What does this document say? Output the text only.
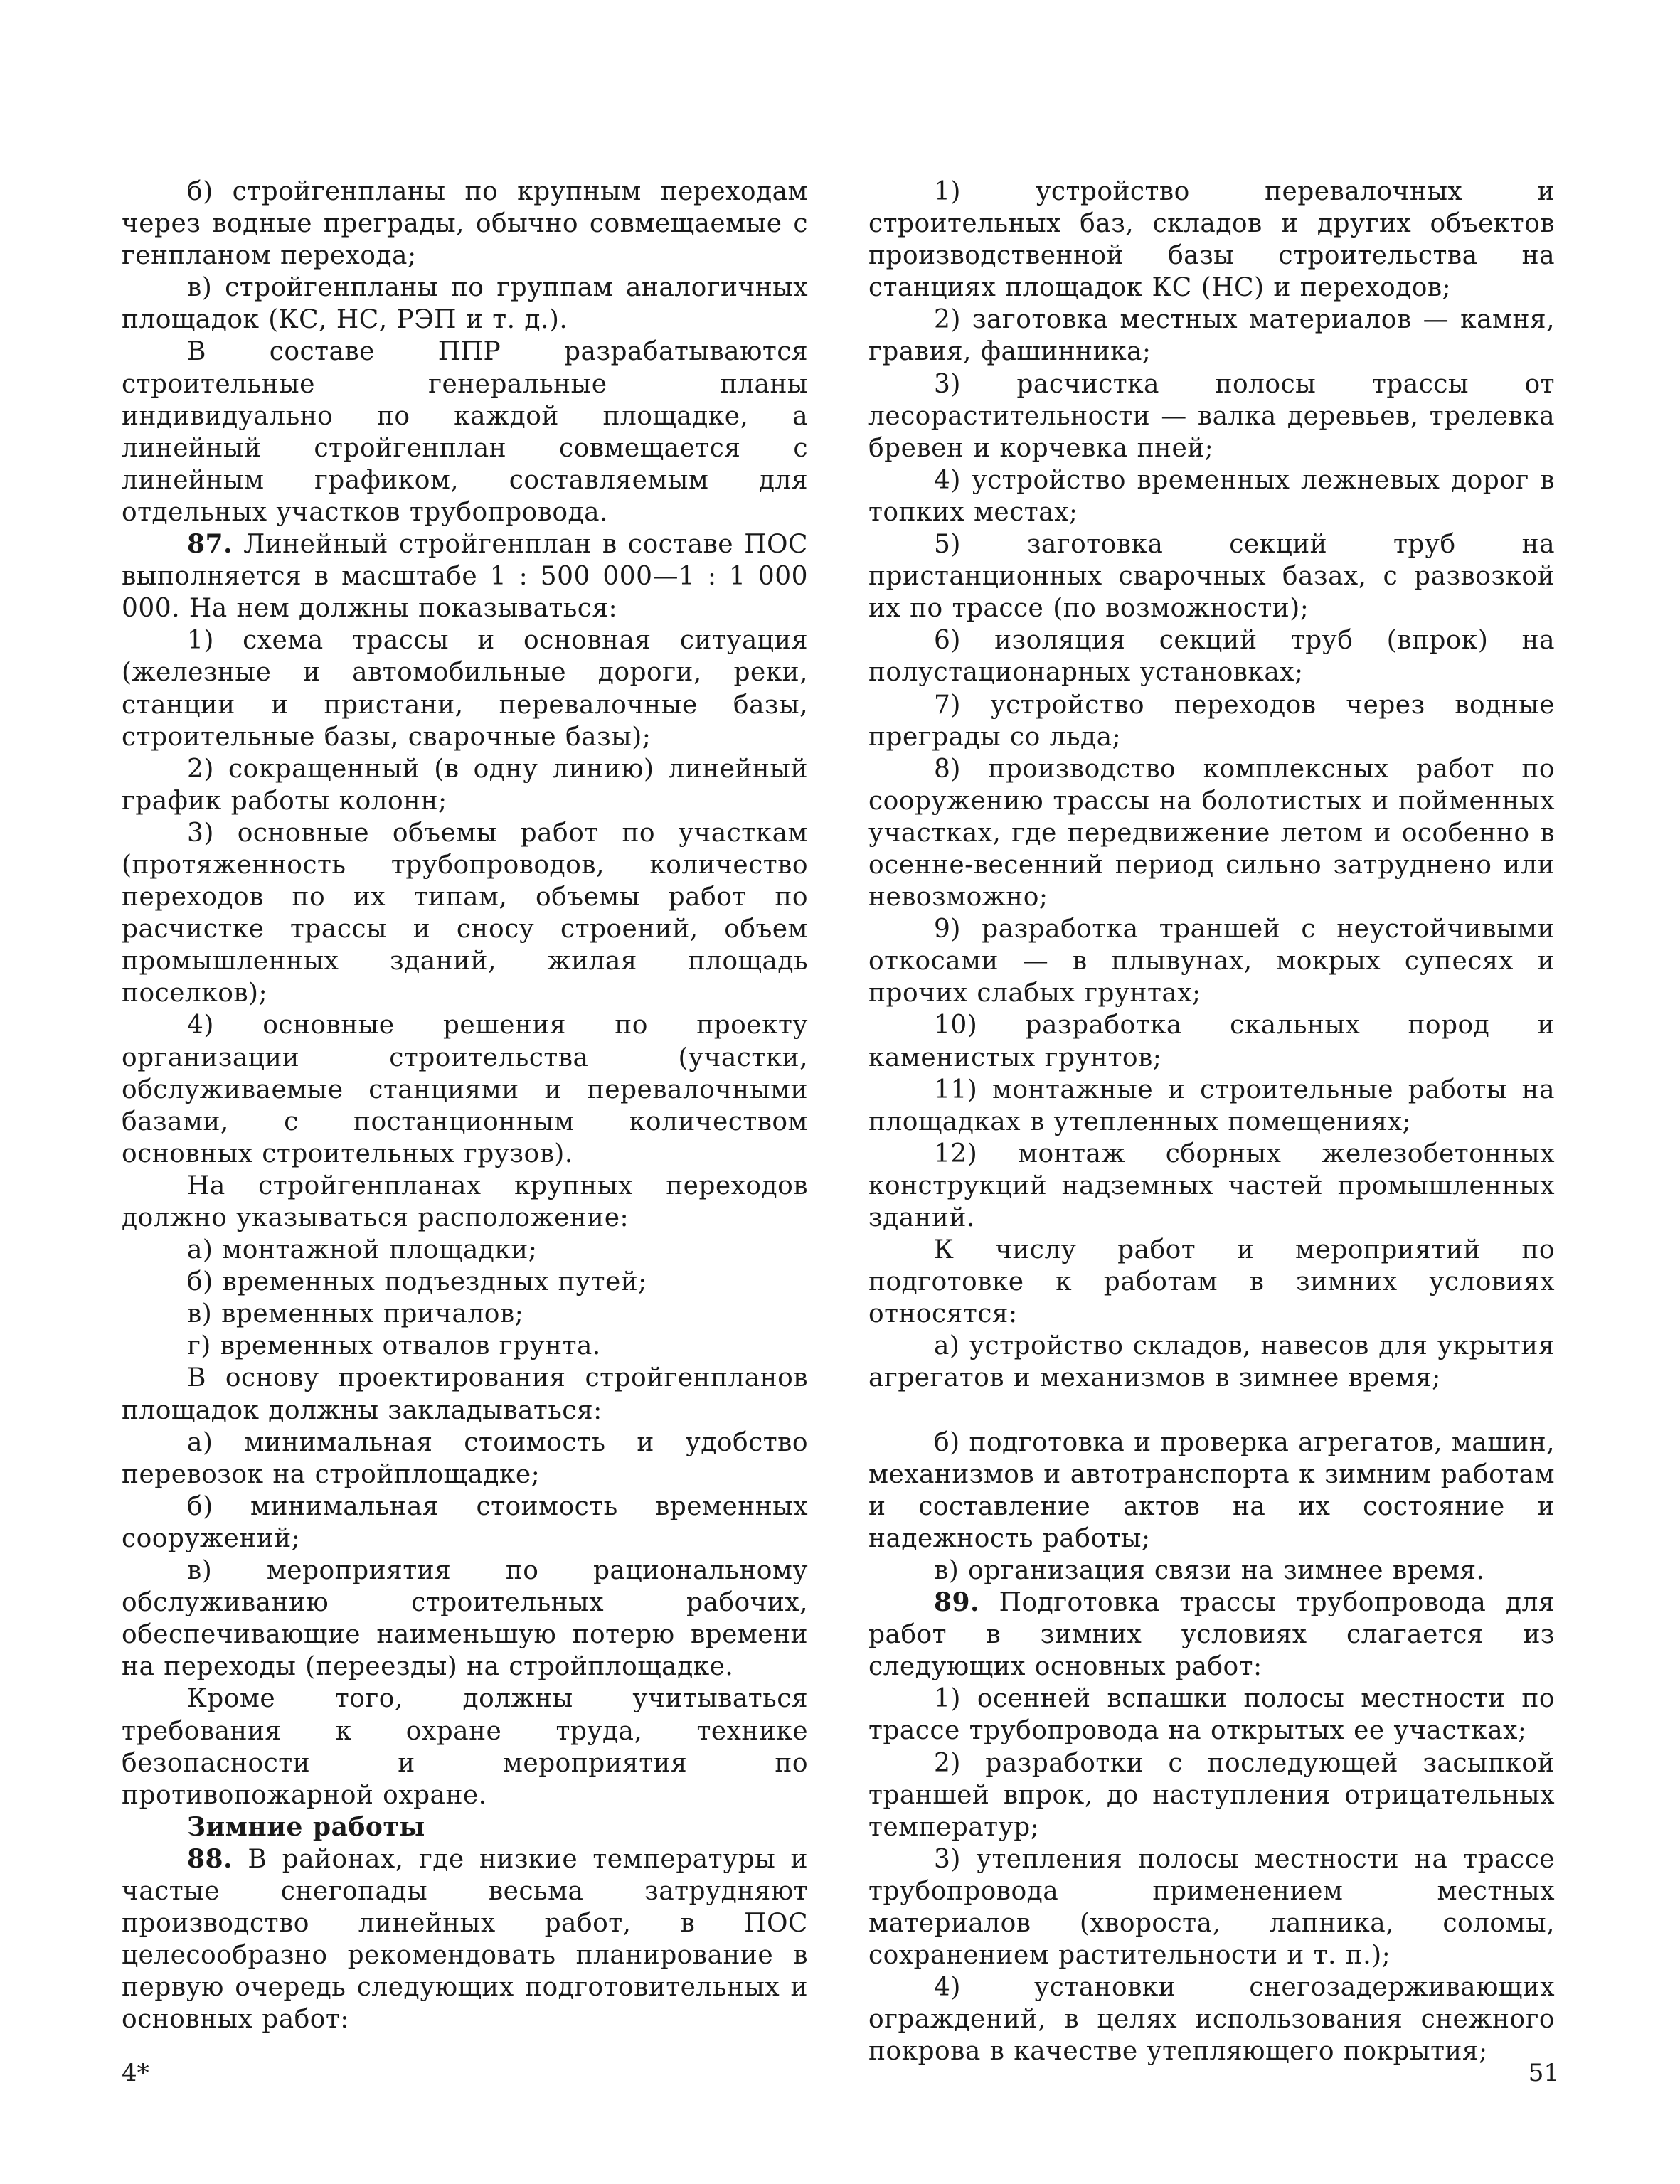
б) стройгенпланы по крупным переходам через водные преграды, обычно совмещаемые с генпланом перехода;

в) стройгенпланы по группам аналогичных площадок (КС, НС, РЭП и т. д.).

В составе ППР разрабатываются строительные генеральные планы индивидуально по каждой площадке, а линейный стройгенплан совмещается с линейным графиком, составляемым для отдельных участков трубопровода.

87. Линейный стройгенплан в составе ПОС выполняется в масштабе 1 : 500 000—1 : 1 000 000. На нем должны показываться:

1) схема трассы и основная ситуация (железные и автомобильные дороги, реки, станции и пристани, перевалочные базы, строительные базы, сварочные базы);

2) сокращенный (в одну линию) линейный график работы колонн;

3) основные объемы работ по участкам (протяженность трубопроводов, количество переходов по их типам, объемы работ по расчистке трассы и сносу строений, объем промышленных зданий, жилая площадь поселков);

4) основные решения по проекту организации строительства (участки, обслуживаемые станциями и перевалочными базами, с постанционным количеством основных строительных грузов).

На стройгенпланах крупных переходов должно указываться расположение:

а) монтажной площадки;

б) временных подъездных путей;

в) временных причалов;

г) временных отвалов грунта.

В основу проектирования стройгенпланов площадок должны закладываться:

а) минимальная стоимость и удобство перевозок на стройплощадке;

б) минимальная стоимость временных сооружений;

в) мероприятия по рациональному обслуживанию строительных рабочих, обеспечивающие наименьшую потерю времени на переходы (переезды) на стройплощадке.

Кроме того, должны учитываться требования к охране труда, технике безопасности и мероприятия по противопожарной охране.

Зимние работы

88. В районах, где низкие температуры и частые снегопады весьма затрудняют производство линейных работ, в ПОС целесообразно рекомендовать планирование в первую очередь следующих подготовительных и основных работ:

1) устройство перевалочных и строительных баз, складов и других объектов производственной базы строительства на станциях площадок КС (НС) и переходов;

2) заготовка местных материалов — камня, гравия, фашинника;

3) расчистка полосы трассы от лесорастительности — валка деревьев, трелевка бревен и корчевка пней;

4) устройство временных лежневых дорог в топких местах;

5) заготовка секций труб на пристанционных сварочных базах, с развозкой их по трассе (по возможности);

6) изоляция секций труб (впрок) на полустационарных установках;

7) устройство переходов через водные преграды со льда;

8) производство комплексных работ по сооружению трассы на болотистых и пойменных участках, где передвижение летом и особенно в осенне-весенний период сильно затруднено или невозможно;

9) разработка траншей с неустойчивыми откосами — в плывунах, мокрых супесях и прочих слабых грунтах;

10) разработка скальных пород и каменистых грунтов;

11) монтажные и строительные работы на площадках в утепленных помещениях;

12) монтаж сборных железобетонных конструкций надземных частей промышленных зданий.

К числу работ и мероприятий по подготовке к работам в зимних условиях относятся:

а) устройство складов, навесов для укрытия агрегатов и механизмов в зимнее время;

б) подготовка и проверка агрегатов, машин, механизмов и автотранспорта к зимним работам и составление актов на их состояние и надежность работы;

в) организация связи на зимнее время.

89. Подготовка трассы трубопровода для работ в зимних условиях слагается из следующих основных работ:

1) осенней вспашки полосы местности по трассе трубопровода на открытых ее участках;

2) разработки с последующей засыпкой траншей впрок, до наступления отрицательных температур;

3) утепления полосы местности на трассе трубопровода применением местных материалов (хвороста, лапника, соломы, сохранением растительности и т. п.);

4) установки снегозадерживающих ограждений, в целях использования снежного покрова в качестве утепляющего покрытия;

4*	51
